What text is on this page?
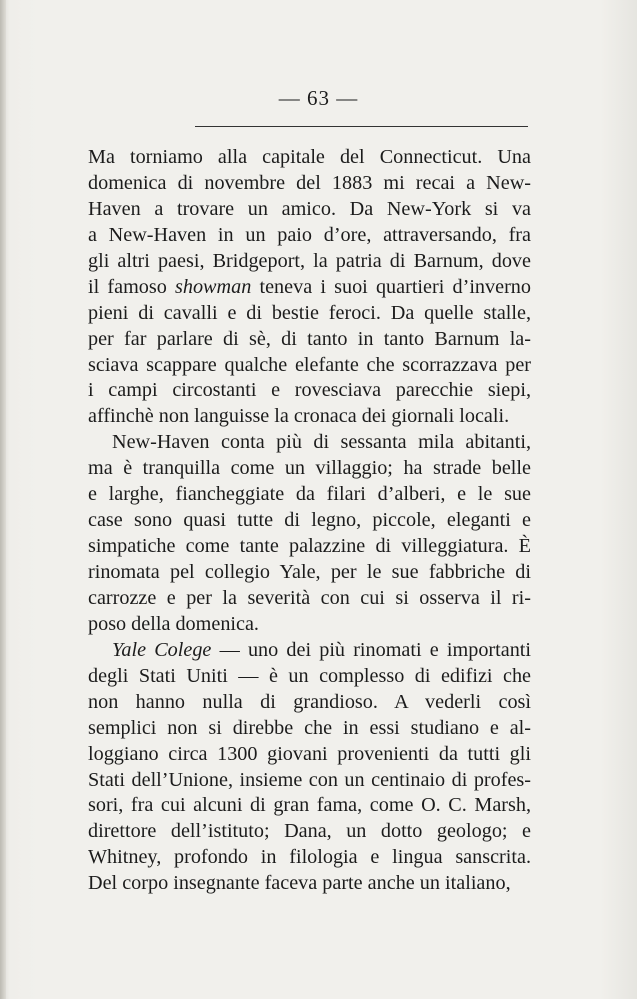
— 63 —
Ma torniamo alla capitale del Connecticut. Una
domenica di novembre del 1883 mi recai a New-
Haven a trovare un amico. Da New-York si va
a New-Haven in un paio d’ore, attraversando, fra
gli altri paesi, Bridgeport, la patria di Barnum, dove
il famoso showman teneva i suoi quartieri d’inverno
pieni di cavalli e di bestie feroci. Da quelle stalle,
per far parlare di sè, di tanto in tanto Barnum la-
sciava scappare qualche elefante che scorrazzava per
i campi circostanti e rovesciava parecchie siepi,
affinchè non languisse la cronaca dei giornali locali.
New-Haven conta più di sessanta mila abitanti,
ma è tranquilla come un villaggio; ha strade belle
e larghe, fiancheggiate da filari d’alberi, e le sue
case sono quasi tutte di legno, piccole, eleganti e
simpatiche come tante palazzine di villeggiatura. È
rinomata pel collegio Yale, per le sue fabbriche di
carrozze e per la severità con cui si osserva il ri-
poso della domenica.
Yale Colege — uno dei più rinomati e importanti
degli Stati Uniti — è un complesso di edifizi che
non hanno nulla di grandioso. A vederli così
semplici non si direbbe che in essi studiano e al-
loggiano circa 1300 giovani provenienti da tutti gli
Stati dell’Unione, insieme con un centinaio di profes-
sori, fra cui alcuni di gran fama, come O. C. Marsh,
direttore dell’istituto; Dana, un dotto geologo; e
Whitney, profondo in filologia e lingua sanscrita.
Del corpo insegnante faceva parte anche un italiano,
